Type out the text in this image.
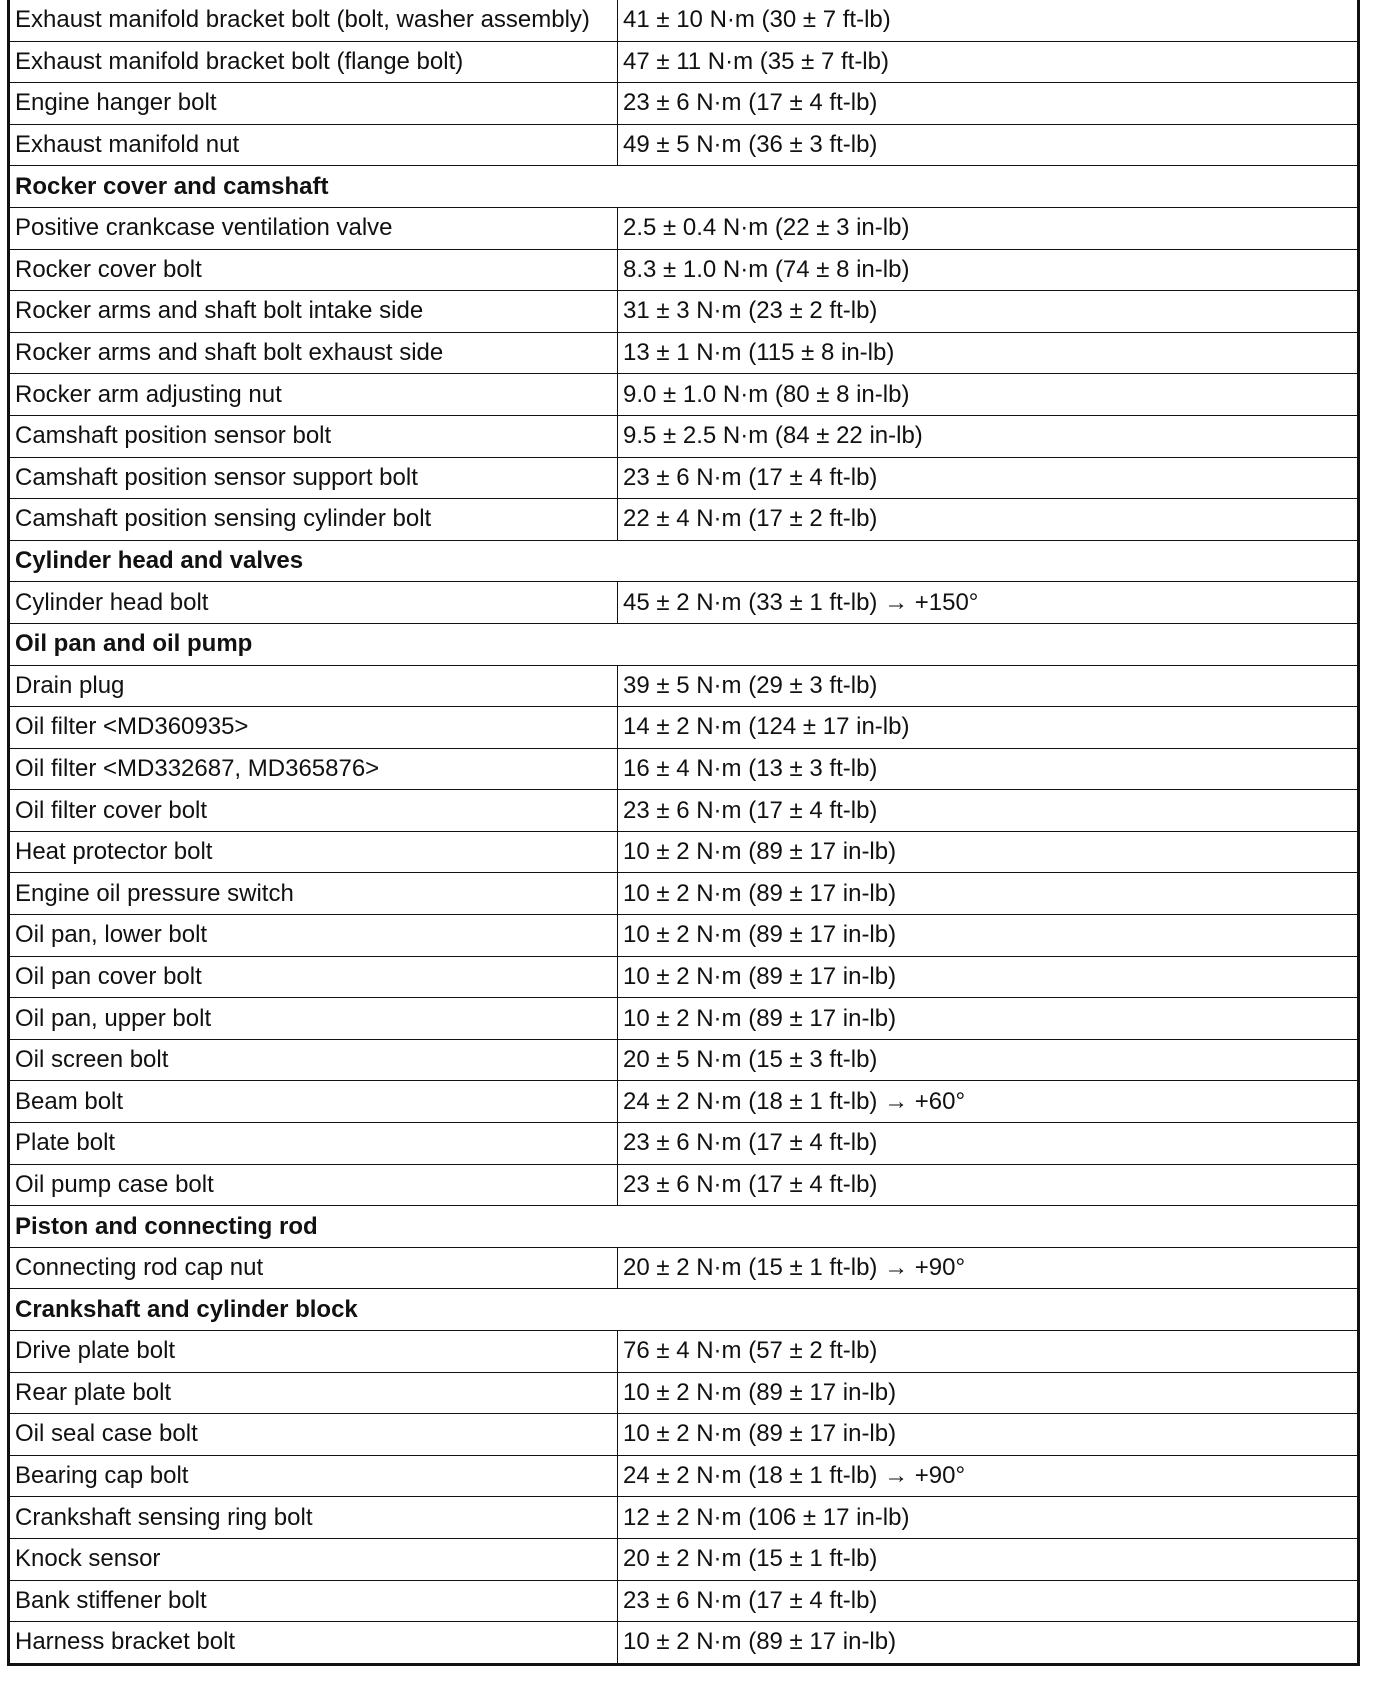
Exhaust manifold bracket bolt (bolt, washer assembly)	41 ± 10 N·m (30 ± 7 ft-lb)
Exhaust manifold bracket bolt (flange bolt)	47 ± 11 N·m (35 ± 7 ft-lb)
Engine hanger bolt	23 ± 6 N·m (17 ± 4 ft-lb)
Exhaust manifold nut	49 ± 5 N·m (36 ± 3 ft-lb)
Rocker cover and camshaft	
Positive crankcase ventilation valve	2.5 ± 0.4 N·m (22 ± 3 in-lb)
Rocker cover bolt	8.3 ± 1.0 N·m (74 ± 8 in-lb)
Rocker arms and shaft bolt intake side	31 ± 3 N·m (23 ± 2 ft-lb)
Rocker arms and shaft bolt exhaust side	13 ± 1 N·m (115 ± 8 in-lb)
Rocker arm adjusting nut	9.0 ± 1.0 N·m (80 ± 8 in-lb)
Camshaft position sensor bolt	9.5 ± 2.5 N·m (84 ± 22 in-lb)
Camshaft position sensor support bolt	23 ± 6 N·m (17 ± 4 ft-lb)
Camshaft position sensing cylinder bolt	22 ± 4 N·m (17 ± 2 ft-lb)
Cylinder head and valves	
Cylinder head bolt	45 ± 2 N·m (33 ± 1 ft-lb) → +150°
Oil pan and oil pump	
Drain plug	39 ± 5 N·m (29 ± 3 ft-lb)
Oil filter <MD360935>	14 ± 2 N·m (124 ± 17 in-lb)
Oil filter <MD332687, MD365876>	16 ± 4 N·m (13 ± 3 ft-lb)
Oil filter cover bolt	23 ± 6 N·m (17 ± 4 ft-lb)
Heat protector bolt	10 ± 2 N·m (89 ± 17 in-lb)
Engine oil pressure switch	10 ± 2 N·m (89 ± 17 in-lb)
Oil pan, lower bolt	10 ± 2 N·m (89 ± 17 in-lb)
Oil pan cover bolt	10 ± 2 N·m (89 ± 17 in-lb)
Oil pan, upper bolt	10 ± 2 N·m (89 ± 17 in-lb)
Oil screen bolt	20 ± 5 N·m (15 ± 3 ft-lb)
Beam bolt	24 ± 2 N·m (18 ± 1 ft-lb) → +60°
Plate bolt	23 ± 6 N·m (17 ± 4 ft-lb)
Oil pump case bolt	23 ± 6 N·m (17 ± 4 ft-lb)
Piston and connecting rod	
Connecting rod cap nut	20 ± 2 N·m (15 ± 1 ft-lb) → +90°
Crankshaft and cylinder block	
Drive plate bolt	76 ± 4 N·m (57 ± 2 ft-lb)
Rear plate bolt	10 ± 2 N·m (89 ± 17 in-lb)
Oil seal case bolt	10 ± 2 N·m (89 ± 17 in-lb)
Bearing cap bolt	24 ± 2 N·m (18 ± 1 ft-lb) → +90°
Crankshaft sensing ring bolt	12 ± 2 N·m (106 ± 17 in-lb)
Knock sensor	20 ± 2 N·m (15 ± 1 ft-lb)
Bank stiffener bolt	23 ± 6 N·m (17 ± 4 ft-lb)
Harness bracket bolt	10 ± 2 N·m (89 ± 17 in-lb)
